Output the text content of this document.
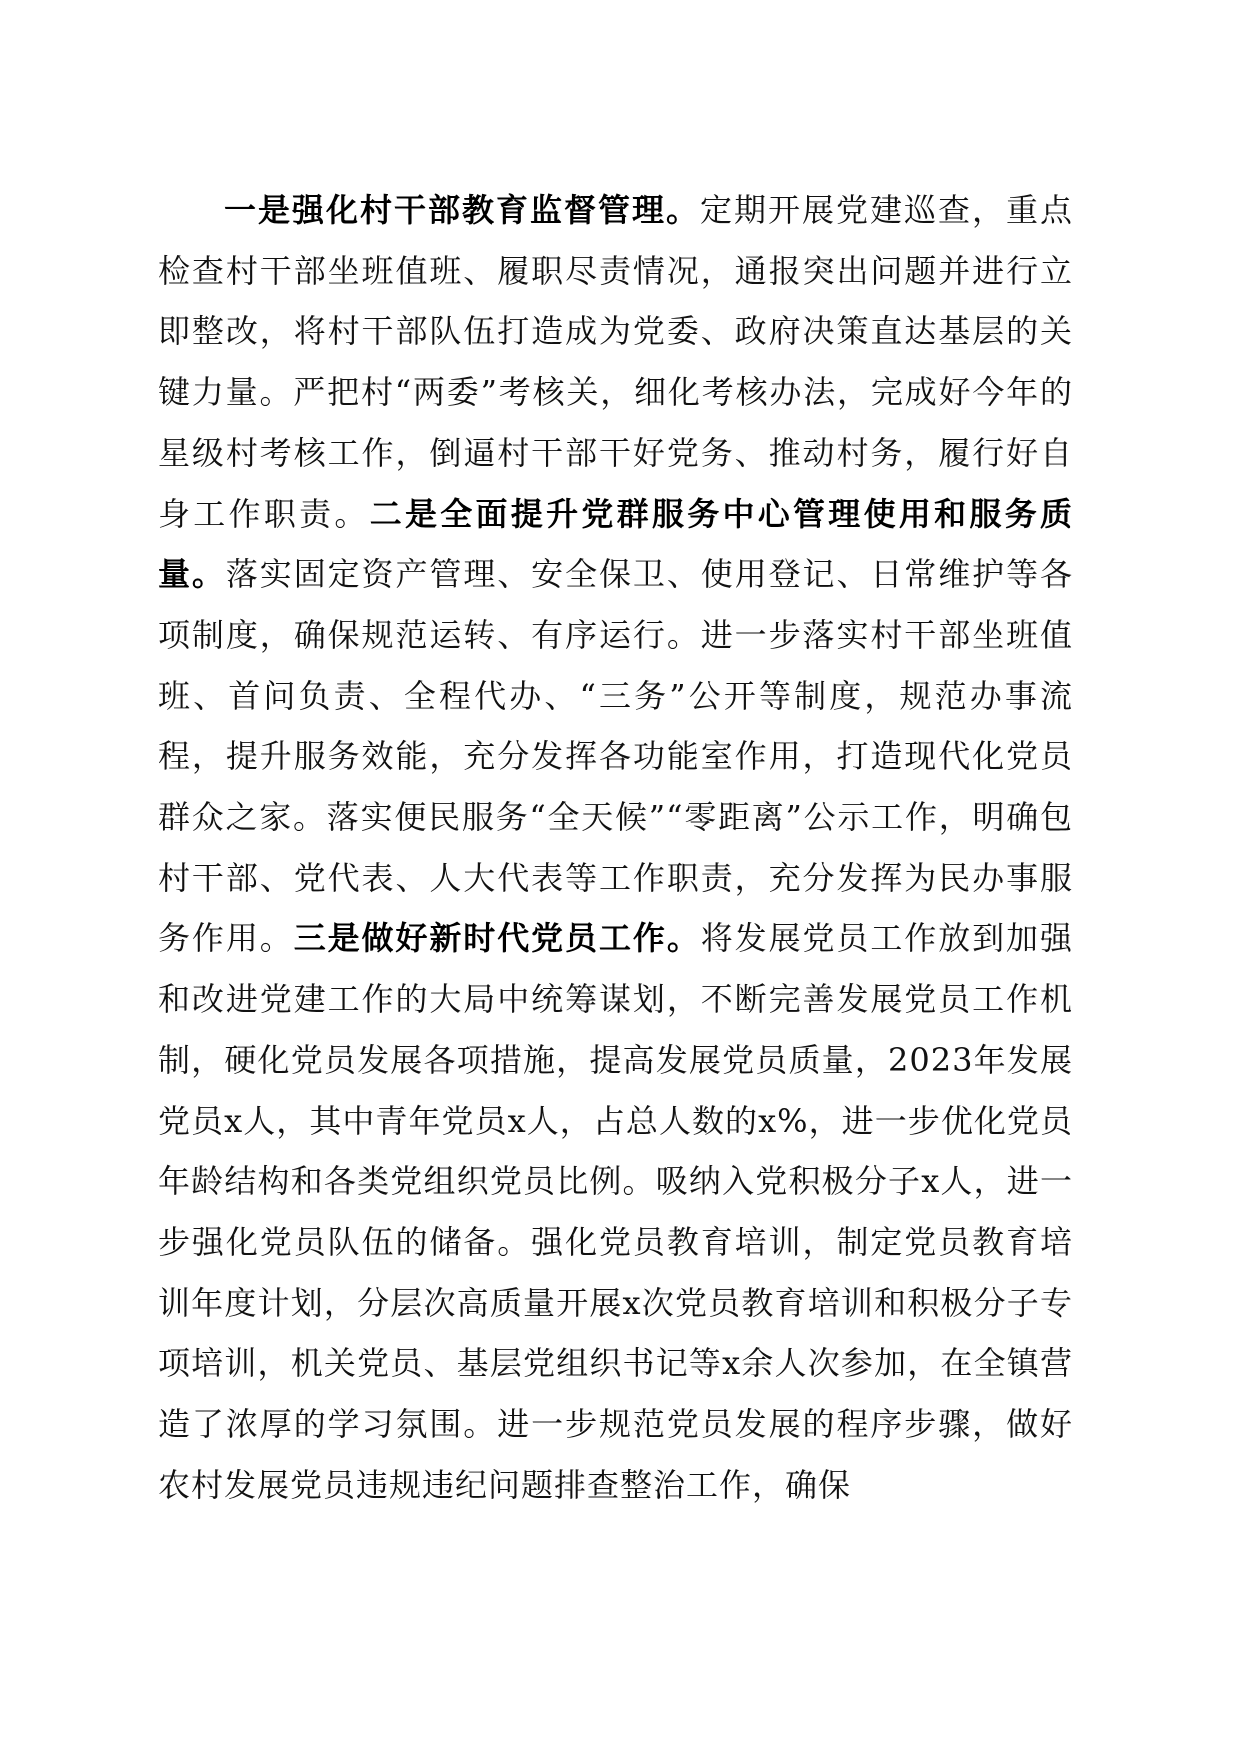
一是强化村干部教育监督管理。定期开展党建巡查，重点检查村干部坐班值班、履职尽责情况，通报突出问题并进行立即整改，将村干部队伍打造成为党委、政府决策直达基层的关键力量。严把村“两委”考核关，细化考核办法，完成好今年的星级村考核工作，倒逼村干部干好党务、推动村务，履行好自身工作职责。二是全面提升党群服务中心管理使用和服务质量。落实固定资产管理、安全保卫、使用登记、日常维护等各项制度，确保规范运转、有序运行。进一步落实村干部坐班值班、首问负责、全程代办、“三务”公开等制度，规范办事流程，提升服务效能，充分发挥各功能室作用，打造现代化党员群众之家。落实便民服务“全天候”“零距离”公示工作，明确包村干部、党代表、人大代表等工作职责，充分发挥为民办事服务作用。三是做好新时代党员工作。将发展党员工作放到加强和改进党建工作的大局中统筹谋划，不断完善发展党员工作机制，硬化党员发展各项措施，提高发展党员质量，2023年发展党员x人，其中青年党员x人，占总人数的x%，进一步优化党员年龄结构和各类党组织党员比例。吸纳入党积极分子x人，进一步强化党员队伍的储备。强化党员教育培训，制定党员教育培训年度计划，分层次高质量开展x次党员教育培训和积极分子专项培训，机关党员、基层党组织书记等x余人次参加，在全镇营造了浓厚的学习氛围。进一步规范党员发展的程序步骤，做好农村发展党员违规违纪问题排查整治工作，确保
